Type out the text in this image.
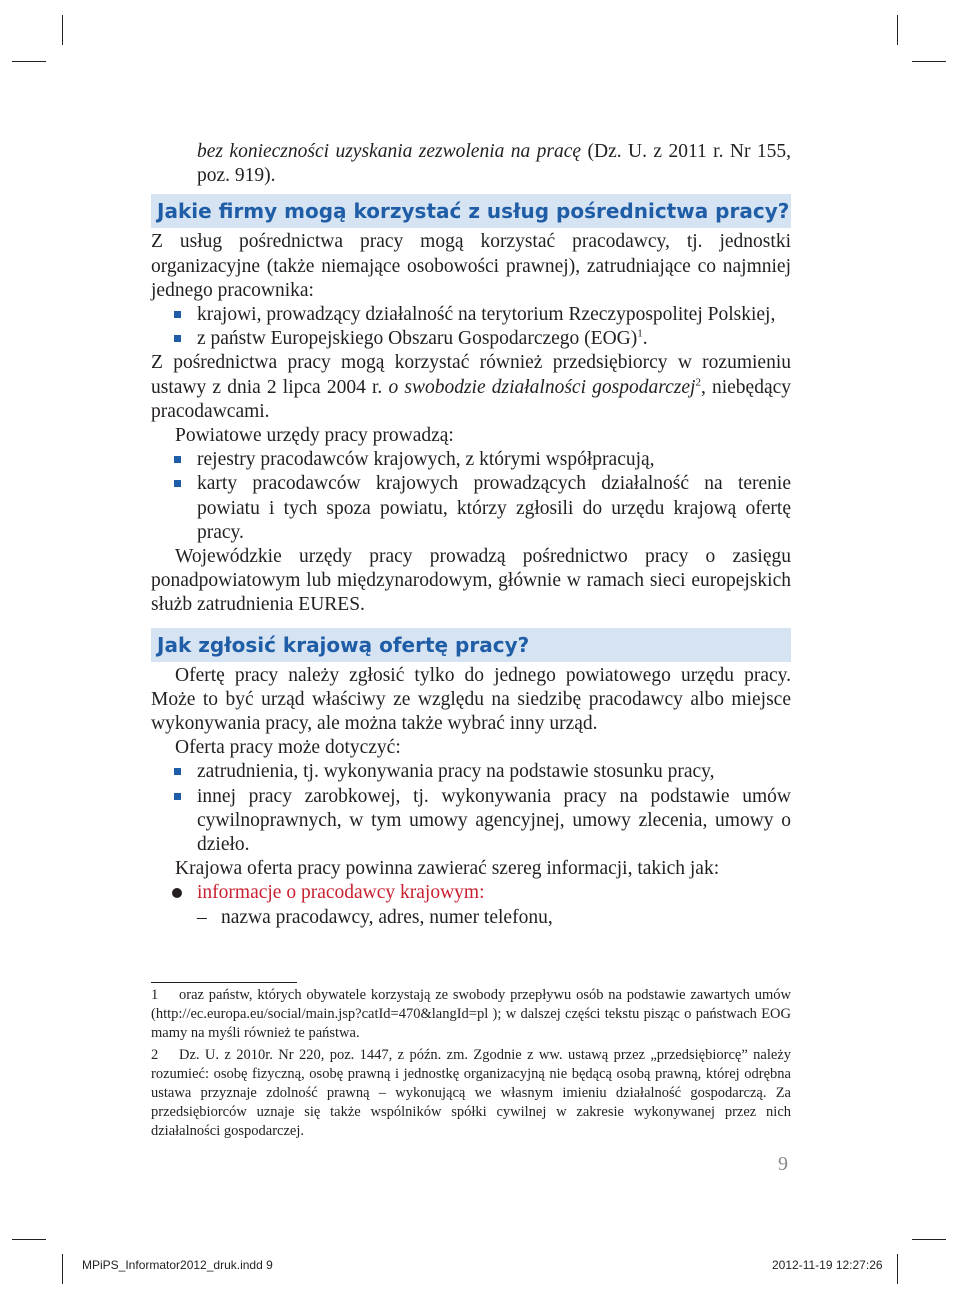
bez konieczności uzyskania zezwolenia na pracę (Dz. U. z 2011 r. Nr 155, poz. 919).

Jakie firmy mogą korzystać z usług pośrednictwa pracy?

Z usług pośrednictwa pracy mogą korzystać pracodawcy, tj. jednostki organizacyjne (także niemające osobowości prawnej), zatrudniające co najmniej jednego pracownika:

krajowi, prowadzący działalność na terytorium Rzeczypospolitej Polskiej,
z państw Europejskiego Obszaru Gospodarczego (EOG)$^1$.

Z pośrednictwa pracy mogą korzystać również przedsiębiorcy w rozumieniu ustawy z dnia 2 lipca 2004 r. o swobodzie działalności gospodarczej$^2$, niebędący pracodawcami.

Powiatowe urzędy pracy prowadzą:

rejestry pracodawców krajowych, z którymi współpracują,
karty pracodawców krajowych prowadzących działalność na terenie powiatu i tych spoza powiatu, którzy zgłosili do urzędu krajową ofertę pracy.

Wojewódzkie urzędy pracy prowadzą pośrednictwo pracy o zasięgu ponadpowiatowym lub międzynarodowym, głównie w ramach sieci europejskich służb zatrudnienia EURES.

Jak zgłosić krajową ofertę pracy?

Ofertę pracy należy zgłosić tylko do jednego powiatowego urzędu pracy. Może to być urząd właściwy ze względu na siedzibę pracodawcy albo miejsce wykonywania pracy, ale można także wybrać inny urząd.

Oferta pracy może dotyczyć:

zatrudnienia, tj. wykonywania pracy na podstawie stosunku pracy,
innej pracy zarobkowej, tj. wykonywania pracy na podstawie umów cywilnoprawnych, w tym umowy agencyjnej, umowy zlecenia, umowy o dzieło.

Krajowa oferta pracy powinna zawierać szereg informacji, takich jak:

informacje o pracodawcy krajowym:
– nazwa pracodawcy, adres, numer telefonu,

1 oraz państw, których obywatele korzystają ze swobody przepływu osób na podstawie zawartych umów (http://ec.europa.eu/social/main.jsp?catId=470&langId=pl ); w dalszej części tekstu pisząc o państwach EOG mamy na myśli również te państwa.

2 Dz. U. z 2010r. Nr 220, poz. 1447, z późn. zm. Zgodnie z ww. ustawą przez „przedsiębiorcę” należy rozumieć: osobę fizyczną, osobę prawną i jednostkę organizacyjną nie będącą osobą prawną, której odrębna ustawa przyznaje zdolność prawną – wykonującą we własnym imieniu działalność gospodarczą. Za przedsiębiorców uznaje się także wspólników spółki cywilnej w zakresie wykonywanej przez nich działalności gospodarczej.

9
MPiPS_Informator2012_druk.indd 9	2012-11-19 12:27:26
